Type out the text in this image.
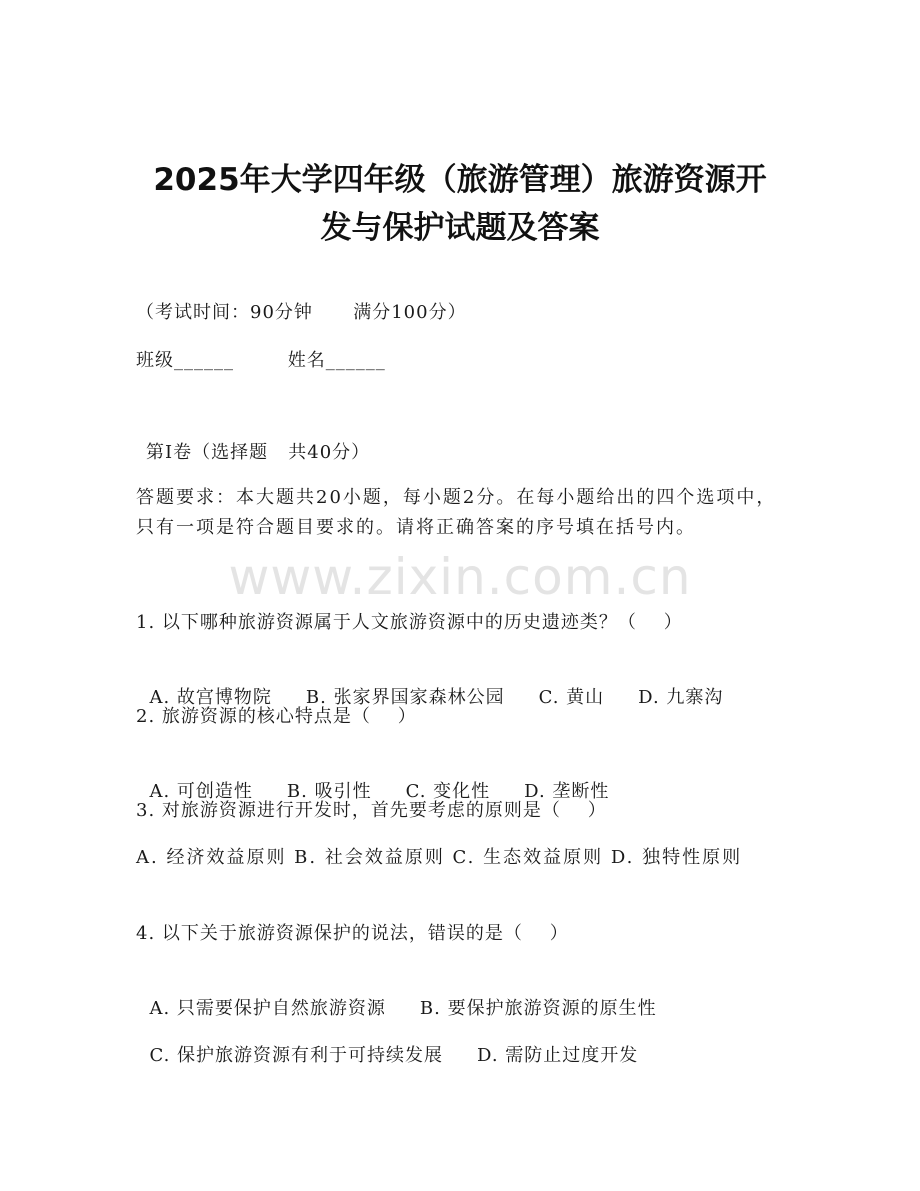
2025年大学四年级（旅游管理）旅游资源开
发与保护试题及答案
（考试时间：90分钟      满分100分）
班级______        姓名______
第I卷（选择题   共40分）
答题要求：本大题共20小题，每小题2分。在每小题给出的四个选项中，只有一项是符合题目要求的。请将正确答案的序号填在括号内。
www.zixin.com.cn
1. 以下哪种旅游资源属于人文旅游资源中的历史遗迹类？（    ）

A. 故宫博物院 B. 张家界国家森林公园 C. 黄山 D. 九寨沟

2. 旅游资源的核心特点是（    ）

A. 可创造性 B. 吸引性 C. 变化性 D. 垄断性

3. 对旅游资源进行开发时，首先要考虑的原则是（    ）
A. 经济效益原则 B. 社会效益原则 C. 生态效益原则 D. 独特性原则
4. 以下关于旅游资源保护的说法，错误的是（    ）

A. 只需要保护自然旅游资源 B. 要保护旅游资源的原生性

C. 保护旅游资源有利于可持续发展 D. 需防止过度开发
